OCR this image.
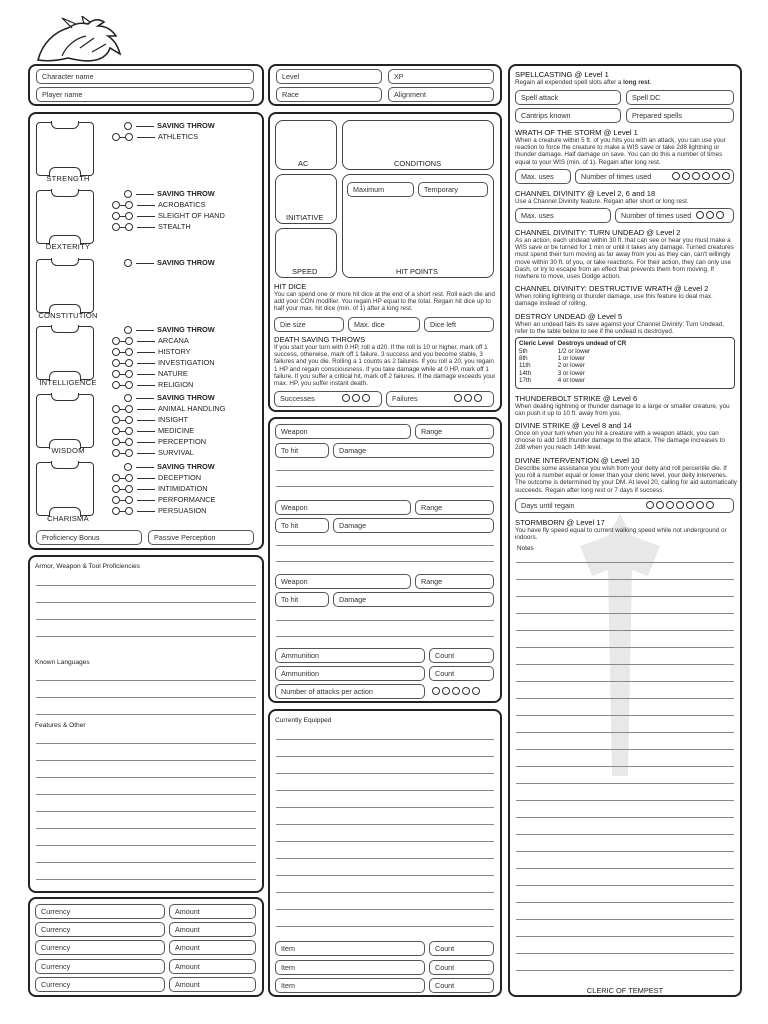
Character name
Player name
Level	XP
Race	Alignment
STRENGTH
SAVING THROW
ATHLETICS
DEXTERITY
SAVING THROW
ACROBATICS
SLEIGHT OF HAND
STEALTH
CONSTITUTION
SAVING THROW
INTELLIGENCE
SAVING THROW
ARCANA
HISTORY
INVESTIGATION
NATURE
RELIGION
WISDOM
SAVING THROW
ANIMAL HANDLING
INSIGHT
MEDICINE
PERCEPTION
SURVIVAL
CHARISMA
SAVING THROW
DECEPTION
INTIMIDATION
PERFORMANCE
PERSUASION
Proficiency Bonus	Passive Perception
AC	CONDITIONS
INITIATIVE
Maximum	Temporary
HIT POINTS
SPEED
HIT DICE
You can spend one or more hit dice at the end of a short rest. Roll each die and add your CON modifier. You regain HP equal to the total. Regain hit dice up to half your max. hit dice (min. of 1) after a long rest.
Die size	Max. dice	Dice left
DEATH SAVING THROWS
If you start your turn with 0 HP, roll a d20. If the roll is 10 or higher, mark off 1 success, otherwise, mark off 1 failure. 3 success and you become stable, 3 failures and you die. Rolling a 1 counts as 2 failures. If you roll a 20, you regain 1 HP and regain consciousness. If you take damage while at 0 HP, mark off 1 failure. If you suffer a critical hit, mark off 2 failures. If the damage exceeds your max. HP, you suffer instant death.
Successes	Failures
Weapon	Range
To hit	Damage
Weapon	Range
To hit	Damage
Weapon	Range
To hit	Damage
Ammunition	Count
Ammunition	Count
Number of attacks per action
Armor, Weapon & Tool Proficiencies
Known Languages
Features & Other
Currency	Amount
Currency	Amount
Currency	Amount
Currency	Amount
Currency	Amount
Currently Equipped
Item	Count
Item	Count
Item	Count
SPELLCASTING @ Level 1
Regain all expended spell slots after a long rest.
Spell attack	Spell DC
Cantrips known	Prepared spells
WRATH OF THE STORM @ Level 1
When a creature within 5 ft. of you hits you with an attack, you can use your reaction to force the creature to make a WIS save or take 2d8 lightning or thunder damage. Half damage on save. You can do this a number of times equal to your WIS (min. of 1). Regain after long rest.
Max. uses	Number of times used
CHANNEL DIVINITY @ Level 2, 6 and 18
Use a Channel Divinity feature. Regain after short or long rest.
Max. uses	Number of times used
CHANNEL DIVINITY: TURN UNDEAD @ Level 2
As an action, each undead within 30 ft. that can see or hear you must make a WIS save or be turned for 1 min or until it takes any damage. Turned creatures must spend their turn moving as far away from you as they can, can't willingly move within 30 ft. of you, or take reactions. For their action, they can only use Dash, or try to escape from an effect that prevents them from moving. If nowhere to move, uses Dodge action.
CHANNEL DIVINITY: DESTRUCTIVE WRATH @ Level 2
When rolling lightning or thunder damage, use this feature to deal max. damage instead of rolling.
DESTROY UNDEAD @ Level 5
When an undead fails its save against your Channel Divinity: Turn Undead, refer to the table below to see if the undead is destroyed.
Cleric Level	Destroys undead of CR
5th	1/2 or lower
8th	1 or lower
11th	2 or lower
14th	3 or lower
17th	4 or lower
THUNDERBOLT STRIKE @ Level 6
When dealing lightning or thunder damage to a large or smaller creature, you can push it up to 10 ft. away from you.
DIVINE STRIKE @ Level 8 and 14
Once on your turn when you hit a creature with a weapon attack, you can choose to add 1d8 thunder damage to the attack. The damage increases to 2d8 when you reach 14th level.
DIVINE INTERVENTION @ Level 10
Describe some assistance you wish from your deity and roll percentile die. If you roll a number equal or lower than your cleric level, your deity intervenes. The outcome is determined by your DM. At level 20, calling for aid automatically succeeds. Regain after long rest or 7 days if success.
Days until regain
STORMBORN @ Level 17
You have fly speed equal to current walking speed while not underground or indoors.
Notes
CLERIC OF TEMPEST
